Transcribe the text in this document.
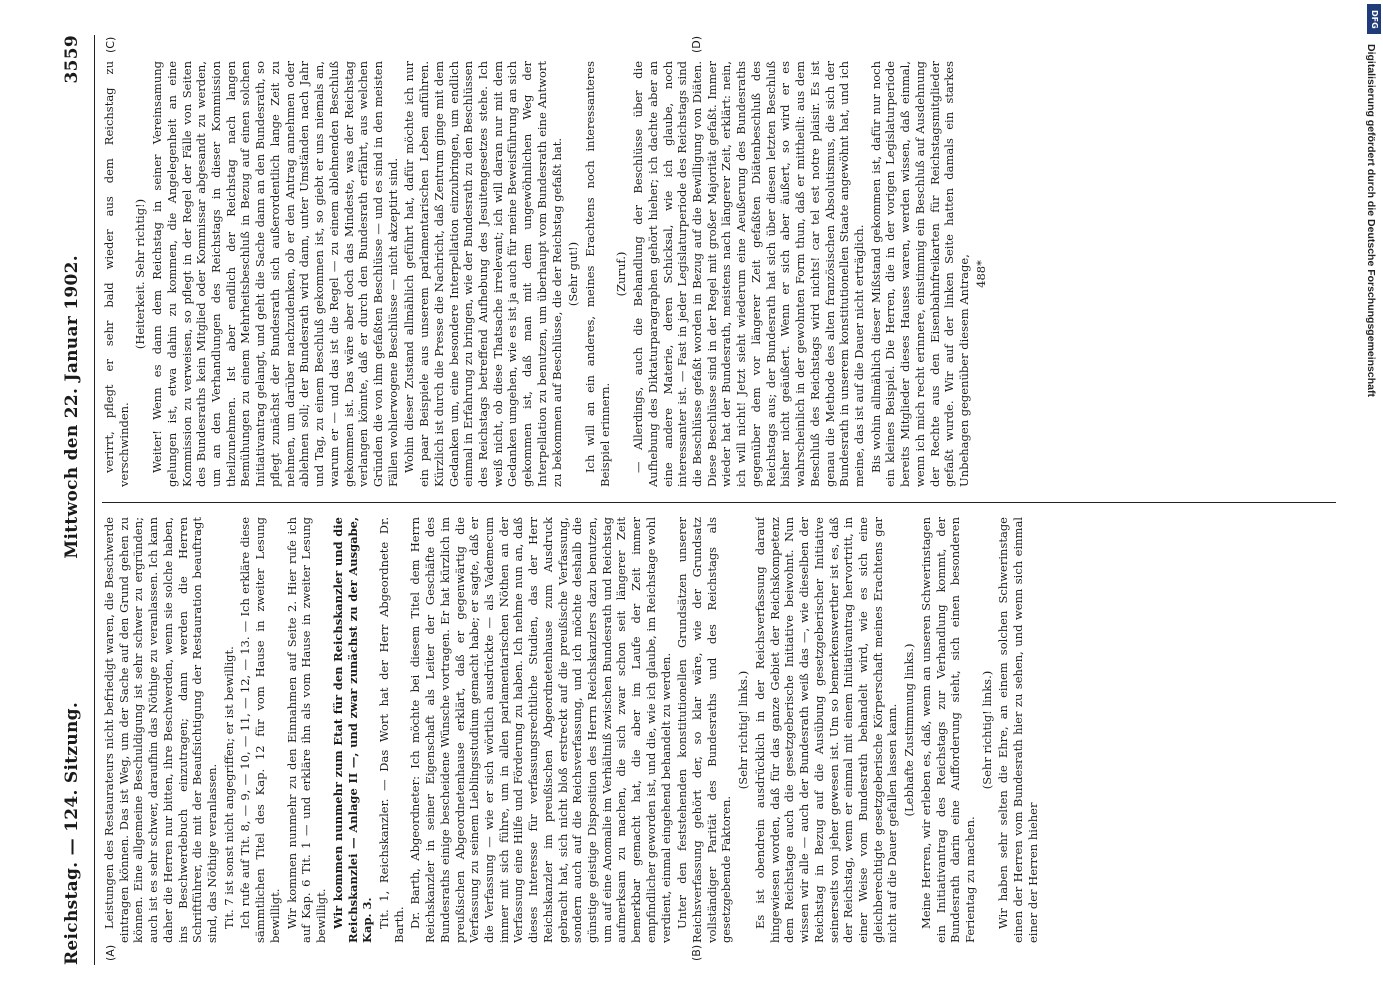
Reichstag. — 124. Sitzung.
Mittwoch den 22. Januar 1902.
3559
(A)	(B)
(C)	(D)

Leistungen des Restaurateurs nicht befriedigt waren, die Beschwerde eintragen können. Das ist Weg, um der Sache auf den Grund gehen zu können. Eine allgemeine Beschuldigung ist sehr schwer zu ergründen; auch ist es sehr schwer, daraufhin das Nöthige zu veranlassen. Ich kann daher die Herren nur bitten, ihre Beschwerden, wenn sie solche haben, ins Beschwerdebuch einzutragen; dann werden die Herren Schriftführer, die mit der Beaufsichtigung der Restauration beauftragt sind, das Nöthige veranlassen. Tit. 7 ist sonst nicht angegriffen; er ist bewilligt. Ich rufe auf Tit. 8, — 9, — 10, — 11, — 12, — 13. — Ich erkläre diese sämmtlichen Titel des Kap. 12 für vom Hause in zweiter Lesung bewilligt. Wir kommen nunmehr zu den Einnahmen auf Seite 2. Hier rufe ich auf Kap. 6 Tit. 1 — und erkläre ihn als vom Hause in zweiter Lesung bewilligt. Wir kommen nunmehr zum Etat für den Reichskanzler und die Reichskanzlei — Anlage II —, und zwar zunächst zu der Ausgabe, Kap. 3. Tit. 1, Reichskanzler. — Das Wort hat der Herr Abgeordnete Dr. Barth. Dr. Barth, Abgeordneter: Ich möchte bei diesem Titel dem Herrn Reichskanzler in seiner Eigenschaft als Leiter der Geschäfte des Bundesraths einige bescheidene Wünsche vortragen. Er hat kürzlich im preußischen Abgeordnetenhause erklärt, daß er gegenwärtig die Verfassung zu seinem Lieblingsstudium gemacht habe; er sagte, daß er die Verfassung — wie er sich wörtlich ausdrückte — als Vademecum immer mit sich führe, um in allen parlamentarischen Nöthen an der Verfassung eine Hilfe und Förderung zu haben. Ich nehme nun an, daß dieses Interesse für verfassungsrechtliche Studien, das der Herr Reichskanzler im preußischen Abgeordnetenhause zum Ausdruck gebracht hat, sich nicht bloß erstreckt auf die preußische Verfassung, sondern auch auf die Reichsverfassung, und ich möchte deshalb die günstige geistige Disposition des Herrn Reichskanzlers dazu benutzen, um auf eine Anomalie im Verhältniß zwischen Bundesrath und Reichstag aufmerksam zu machen, die sich zwar schon seit längerer Zeit bemerkbar gemacht hat, die aber im Laufe der Zeit immer empfindlicher geworden ist, und die, wie ich glaube, im Reichstage wohl verdient, einmal eingehend behandelt zu werden. Unter den feststehenden konstitutionellen Grundsätzen unserer Reichsverfassung gehört der, so klar wäre, wie der Grundsatz vollständiger Parität des Bundesraths und des Reichstags als gesetzgebende Faktoren.

(Sehr richtig! links.) Es ist obendrein ausdrücklich in der Reichsverfassung darauf hingewiesen worden, daß für das ganze Gebiet der Reichskompetenz dem Reichstage auch die gesetzgeberische Initiative beiwohnt. Nun wissen wir alle — auch der Bundesrath weiß das —, wie dieselben der Reichstag in Bezug auf die Ausübung gesetzgeberischer Initiative seinerseits von jeher gewesen ist. Um so bemerkenswerther ist es, daß der Reichstag, wenn er einmal mit einem Initiativantrag hervortritt, in einer Weise vom Bundesrath behandelt wird, wie es sich eine gleichberechtigte gesetzgeberische Körperschaft meines Erachtens gar nicht auf die Dauer gefallen lassen kann. (Lebhafte Zustimmung links.) Meine Herren, wir erleben es, daß, wenn an unseren Schwerinstagen ein Initiativantrag des Reichstags zur Verhandlung kommt, der Bundesrath darin eine Aufforderung sieht, sich einen besonderen Ferientag zu machen.

(Sehr richtig! links.) Wir haben sehr selten die Ehre, an einem solchen Schwerinstage einen der Herren vom Bundesrath hier zu sehen, und wenn sich einmal einer der Herren hieher

verirrt, pflegt er sehr bald wieder aus dem Reichstag zu verschwinden.

(Heiterkeit. Sehr richtig!) Weiter! Wenn es dann dem Reichstag in seiner Vereinsamung gelungen ist, etwa dahin zu kommen, die Angelegenheit an eine Kommission zu verweisen, so pflegt in der Regel der Fälle von Seiten des Bundesraths kein Mitglied oder Kommissar abgesandt zu werden, um an den Verhandlungen des Reichstags in dieser Kommission theilzunehmen. Ist aber endlich der Reichstag nach langen Bemühungen zu einem Mehrheitsbeschluß in Bezug auf einen solchen Initiativantrag gelangt, und geht die Sache dann an den Bundesrath, so pflegt zunächst der Bundesrath sich außerordentlich lange Zeit zu nehmen, um darüber nachzudenken, ob er den Antrag annehmen oder ablehnen soll; der Bundesrath wird dann, unter Umständen nach Jahr und Tag, zu einem Beschluß gekommen ist, so giebt er uns niemals an, warum er — und das ist die Regel — zu einem ablehnenden Beschluß gekommen ist. Das wäre aber doch das Mindeste, was der Reichstag verlangen könnte, daß er durch den Bundesrath erfährt, aus welchen Gründen die von ihm gefaßten Beschlüsse — und es sind in den meisten Fällen wohlerwogene Beschlüsse — nicht akzeptirt sind. Wohin dieser Zustand allmählich geführt hat, dafür möchte ich nur ein paar Beispiele aus unserem parlamentarischen Leben anführen. Kürzlich ist durch die Presse die Nachricht, daß Zentrum ginge mit dem Gedanken um, eine besondere Interpellation einzubringen, um endlich einmal in Erfahrung zu bringen, wie der Bundesrath zu den Beschlüssen des Reichstags betreffend Aufhebung des Jesuitengesetzes stehe. Ich weiß nicht, ob diese Thatsache irrelevant; ich will daran nur mit dem Gedanken umgehen, wie es ist ja auch für meine Beweisführung an sich gekommen ist, daß man mit dem ungewöhnlichen Weg der Interpellation zu benutzen, um überhaupt vom Bundesrath eine Antwort zu bekommen auf Beschlüsse, die der Reichstag gefaßt hat. (Sehr gut!) Ich will an ein anderes, meines Erachtens noch interessanteres Beispiel erinnern.

(Zuruf.) — Allerdings, auch die Behandlung der Beschlüsse über die Aufhebung des Diktaturparagraphen gehört hieher; ich dachte aber an eine andere Materie, deren Schicksal, wie ich glaube, noch interessanter ist. — Fast in jeder Legislaturperiode des Reichstags sind die Beschlüsse gefaßt worden in Bezug auf die Bewilligung von Diäten. Diese Beschlüsse sind in der Regel mit großer Majorität gefaßt. Immer wieder hat der Bundesrath, meistens nach längerer Zeit, erklärt: nein, ich will nicht! Jetzt sieht wiederum eine Aeußerung des Bundesraths gegenüber dem vor längerer Zeit gefaßten Diätenbeschluß des Reichstags aus; der Bundesrath hat sich über diesen letzten Beschluß bisher nicht geäußert. Wenn er sich aber äußert, so wird er es wahrscheinlich in der gewohnten Form thun, daß er mittheilt: aus dem Beschluß des Reichstags wird nichts! car tel est notre plaisir. Es ist genau die Methode des alten französischen Absolutismus, die sich der Bundesrath in unserem konstitutionellen Staate angewöhnt hat, und ich meine, das ist auf die Dauer nicht erträglich. Bis wohin allmählich dieser Mißstand gekommen ist, dafür nur noch ein kleines Beispiel. Die Herren, die in der vorigen Legislaturperiode bereits Mitglieder dieses Hauses waren, werden wissen, daß einmal, wenn ich mich recht erinnere, einstimmig ein Beschluß auf Ausdehnung der Rechte aus den Eisenbahnfreikarten für Reichstagsmitglieder gefaßt wurde. Wir auf der linken Seite hatten damals ein starkes Unbehagen gegenüber diesem Antrage, 488*

DFG
Digitalisierung gefördert durch die Deutsche Forschungsgemeinschaft
